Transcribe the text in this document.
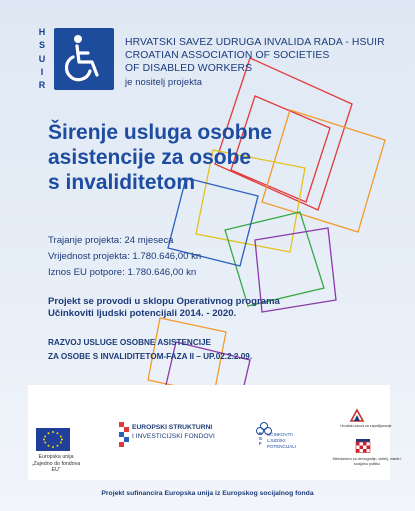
H
S
U
I
R
HRVATSKI SAVEZ UDRUGA INVALIDA RADA - HSUIR
CROATIAN ASSOCIATION OF SOCIETIES
OF DISABLED WORKERS
je nositelj projekta
Širenje usluga osobne
asistencije za osobe
s invaliditetom
Trajanje projekta: 24 mjeseca
Vrijednost projekta: 1.780.646,00 kn
Iznos EU potpore: 1.780.646,00 kn
Projekt se provodi u sklopu Operativnog programa
Učinkoviti ljudski potencijali 2014. - 2020.
RAZVOJ USLUGE OSOBNE ASISTENCIJE
ZA OSOBE S INVALIDITETOM-FAZA II – UP.02.2.2.09.
Europska unija
„Zajedno do fondova EU“
EUROPSKI STRUKTURNI
I INVESTICIJSKI FONDOVI	E
S
F
UČINKOVITI
LJUDSKI
POTENCIJALI
Hrvatski zavod za zapošljavanje
Ministarstvo za demografiju, obitelj, mlade i socijalnu politiku
Projekt sufinancira Europska unija iz Europskog socijalnog fonda
